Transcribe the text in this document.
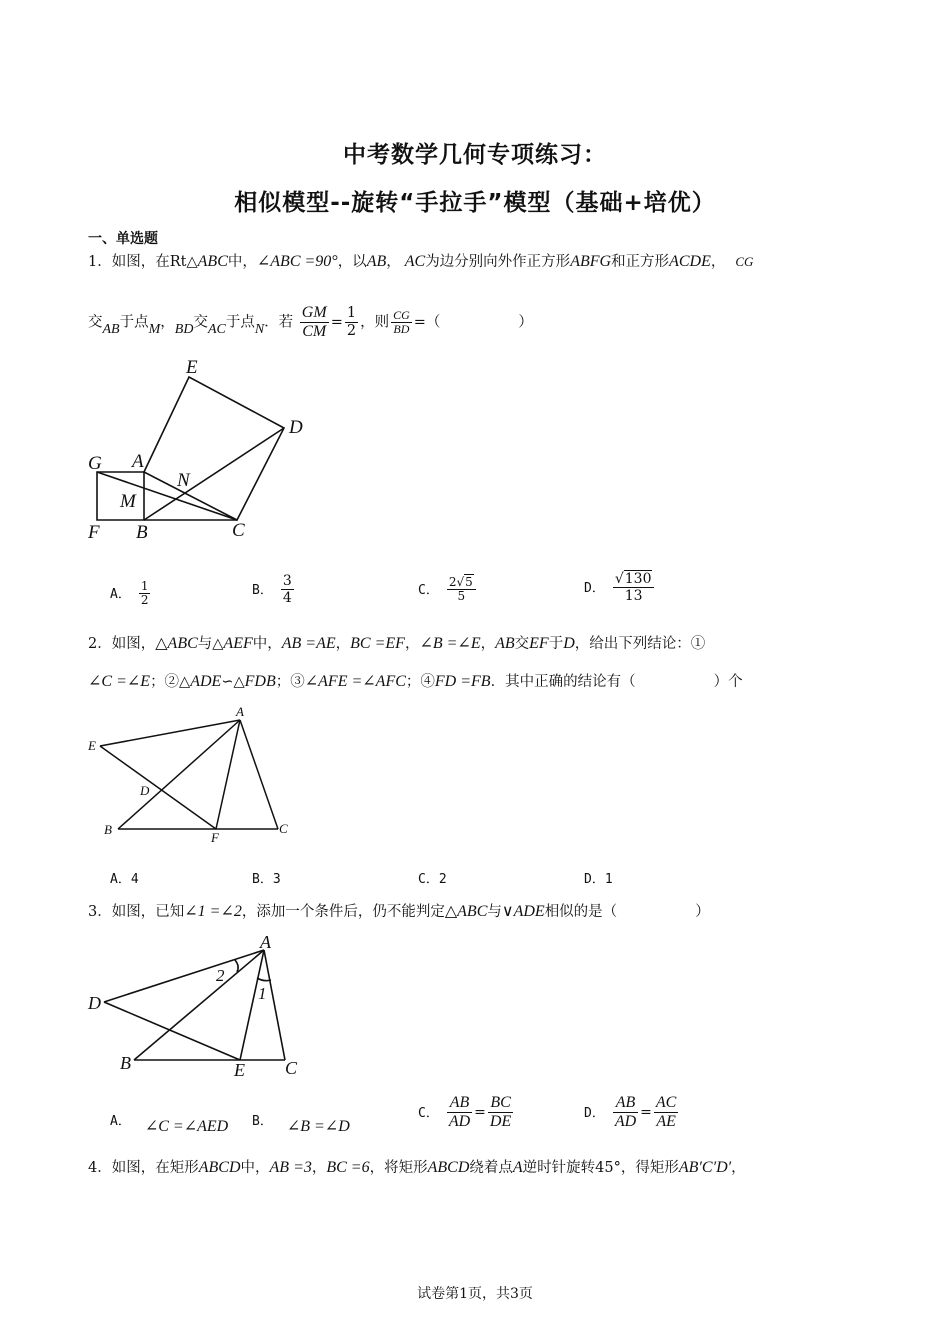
中考数学几何专项练习：
相似模型--旋转“手拉手”模型（基础+培优）
一、单选题
1．如图，在Rt△ABC中，∠ABC =90°，以AB， AC为边分别向外作正方形ABFG和正方形ACDE， CG
交AB于点M，BD交AC于点N．若 $\frac{GM}{CM} = \frac{1}{2}$ ，则 $\frac{CG}{BD}$ =（	）
E
D
G A
N
M
F B	C
A． $\frac{1}{2}$	B． $\frac{3}{4}$	C． $\frac{2√5}{5}$	D． $\frac{√130}{13}$
2．如图，△ABC与△AEF中，AB =AE，BC =EF，∠B =∠E，AB交EF于D，给出下列结论：①
∠C =∠E；②△ADE∽△FDB；③∠AFE =∠AFC；④FD =FB．其中正确的结论有（	）个
A
E
D
B
F
C
A．4	B．3	C．2	D．1
3．如图，已知∠1 =∠2，添加一个条件后，仍不能判定△ABC与∨ADE相似的是（	）
A
2
1
D
B	E C
A． ∠C =∠AED B． ∠B =∠D
C． $\frac{AB}{AD} = \frac{BC}{DE}$	D． $\frac{AB}{AD} = \frac{AC}{AE}$
4．如图，在矩形ABCD中，AB =3，BC =6，将矩形ABCD绕着点A逆时针旋转45°，得矩形AB′C′D′，
试卷第1页，共3页
